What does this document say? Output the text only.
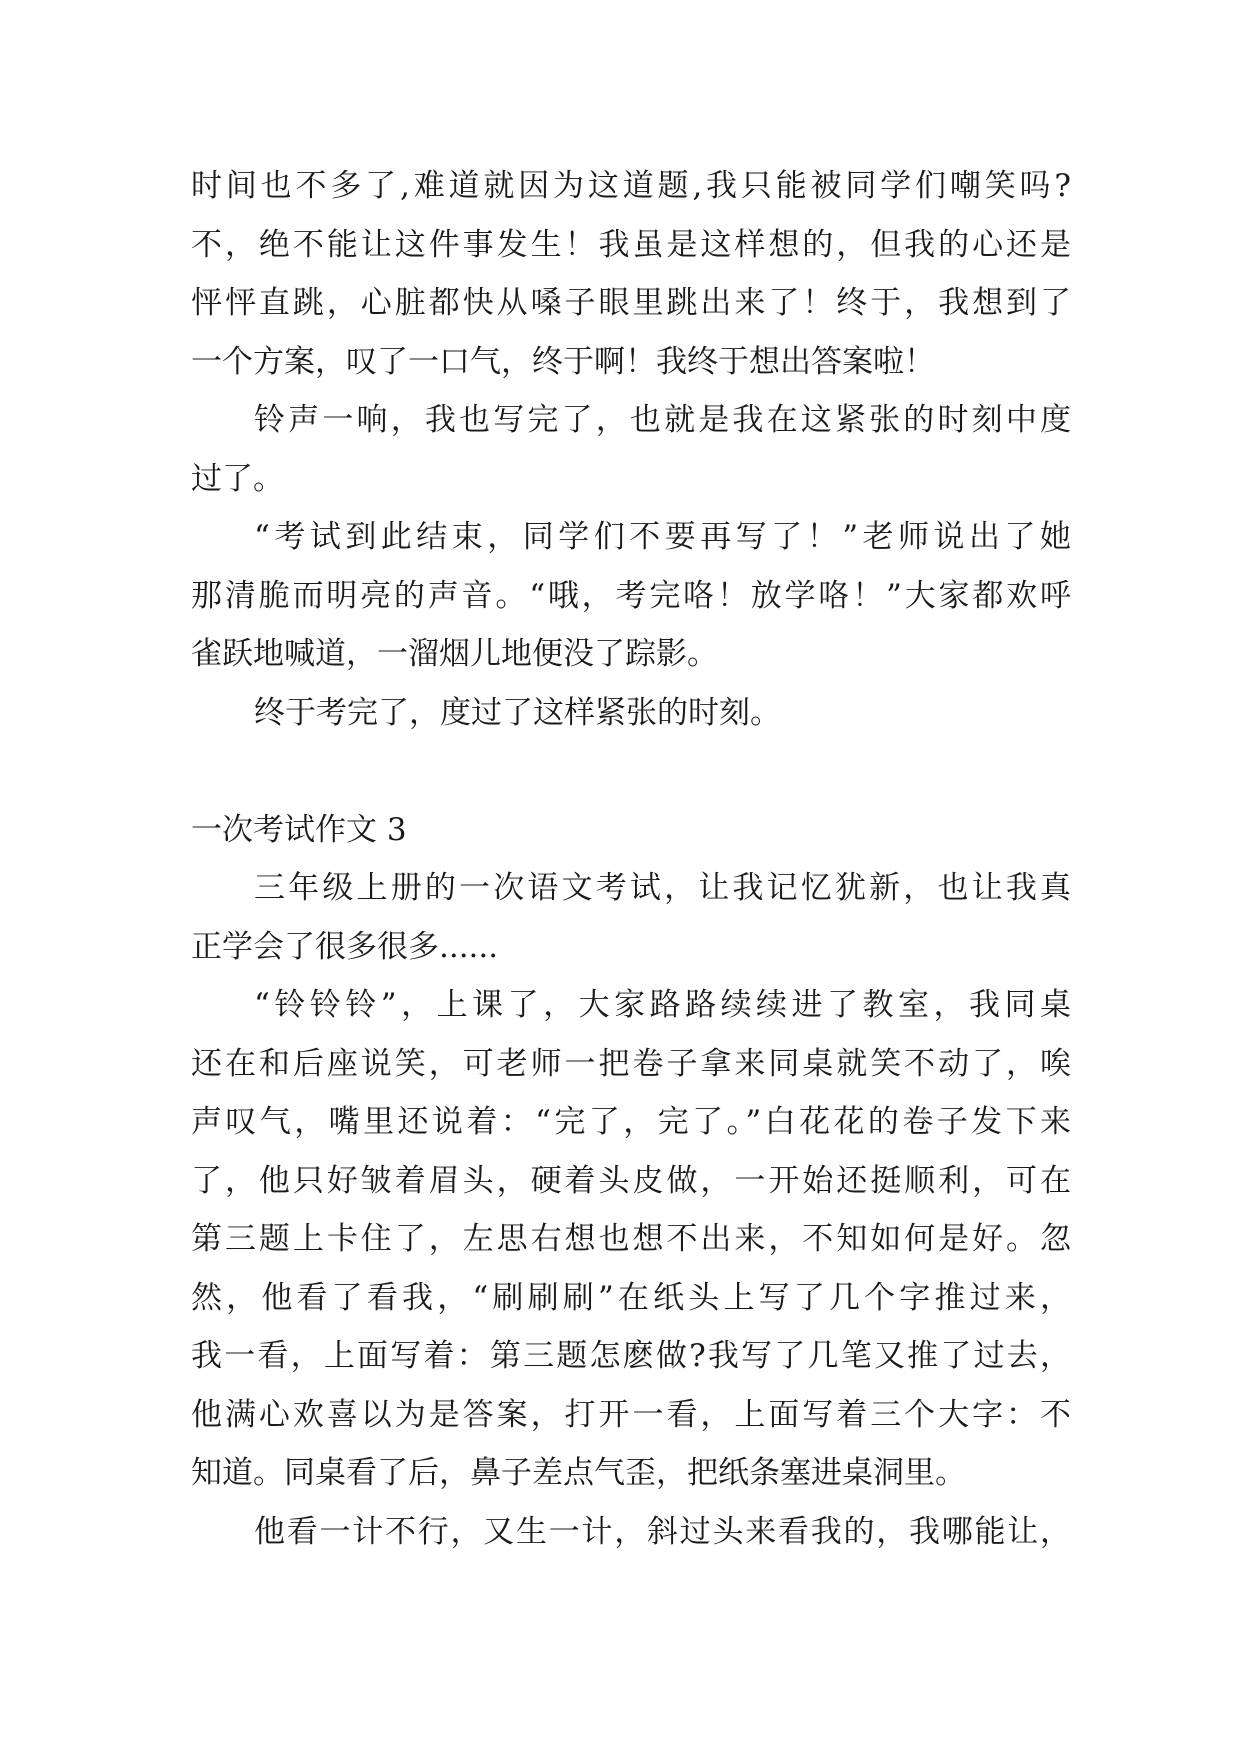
时间也不多了,难道就因为这道题,我只能被同学们嘲笑吗?
不，绝不能让这件事发生！我虽是这样想的，但我的心还是
怦怦直跳，心脏都快从嗓子眼里跳出来了！终于，我想到了
一个方案，叹了一口气，终于啊！我终于想出答案啦！
铃声一响，我也写完了，也就是我在这紧张的时刻中度
过了。
“考试到此结束，同学们不要再写了！”老师说出了她
那清脆而明亮的声音。“哦，考完咯！放学咯！”大家都欢呼
雀跃地喊道，一溜烟儿地便没了踪影。
终于考完了，度过了这样紧张的时刻。
一次考试作文 3
三年级上册的一次语文考试，让我记忆犹新，也让我真
正学会了很多很多......
“铃铃铃”，上课了，大家路路续续进了教室，我同桌
还在和后座说笑，可老师一把卷子拿来同桌就笑不动了，唉
声叹气，嘴里还说着：“完了，完了。”白花花的卷子发下来
了，他只好皱着眉头，硬着头皮做，一开始还挺顺利，可在
第三题上卡住了，左思右想也想不出来，不知如何是好。忽
然，他看了看我，“刷刷刷”在纸头上写了几个字推过来，
我一看，上面写着：第三题怎麽做?我写了几笔又推了过去，
他满心欢喜以为是答案，打开一看，上面写着三个大字：不
知道。同桌看了后，鼻子差点气歪，把纸条塞进桌洞里。
他看一计不行，又生一计，斜过头来看我的，我哪能让，
